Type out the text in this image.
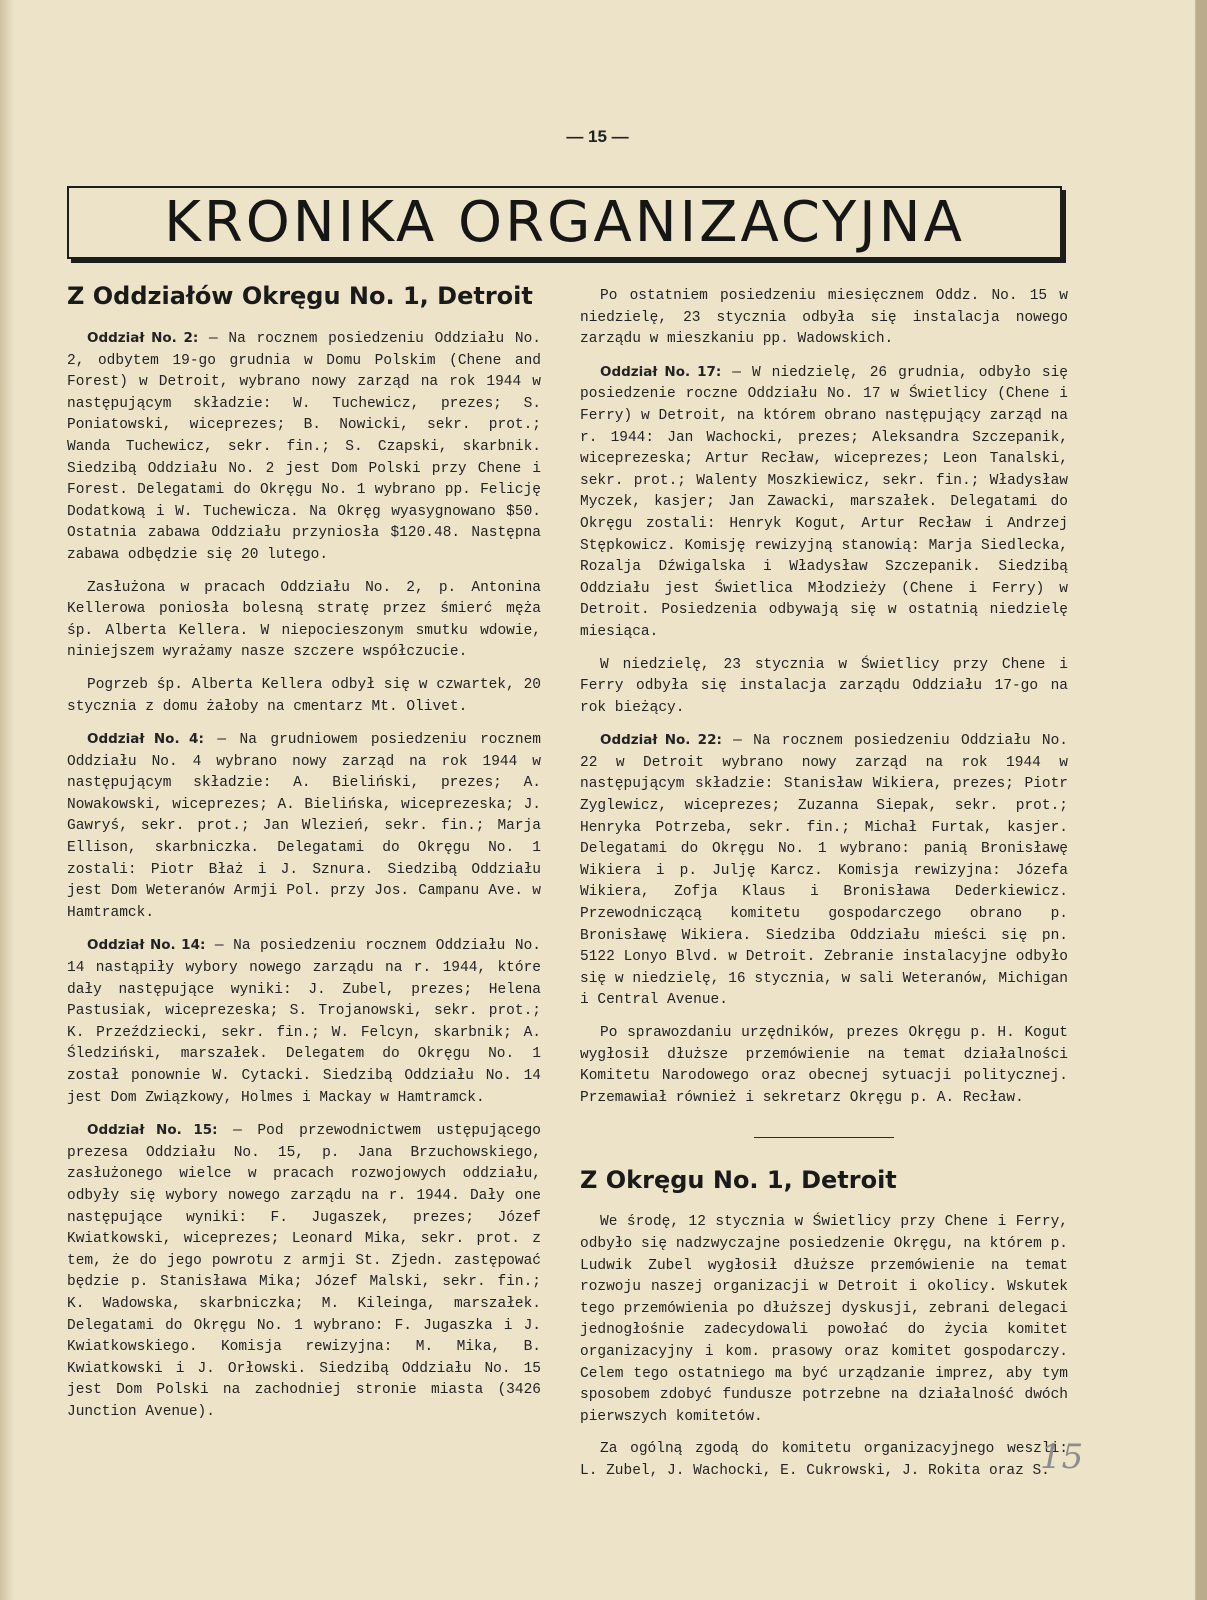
— 15 —
KRONIKA ORGANIZACYJNA
Z Oddziałów Okręgu No. 1, Detroit

Oddział No. 2: — Na rocznem posiedzeniu Oddziału No. 2, odbytem 19-go grudnia w Domu Polskim (Chene and Forest) w Detroit, wybrano nowy zarząd na rok 1944 w następującym składzie: W. Tuchewicz, prezes; S. Poniatowski, wiceprezes; B. Nowicki, sekr. prot.; Wanda Tuchewicz, sekr. fin.; S. Czapski, skarbnik. Siedzibą Oddziału No. 2 jest Dom Polski przy Chene i Forest. Delegatami do Okręgu No. 1 wybrano pp. Felicję Dodatkową i W. Tuchewicza. Na Okręg wyasygnowano $50. Ostatnia zabawa Oddziału przyniosła $120.48. Następna zabawa odbędzie się 20 lutego.

Zasłużona w pracach Oddziału No. 2, p. Antonina Kellerowa poniosła bolesną stratę przez śmierć męża śp. Alberta Kellera. W niepocieszonym smutku wdowie, niniejszem wyrażamy nasze szczere współczucie.

Pogrzeb śp. Alberta Kellera odbył się w czwartek, 20 stycznia z domu żałoby na cmentarz Mt. Olivet.

Oddział No. 4: — Na grudniowem posiedzeniu rocznem Oddziału No. 4 wybrano nowy zarząd na rok 1944 w następującym składzie: A. Bieliński, prezes; A. Nowakowski, wiceprezes; A. Bielińska, wiceprezeska; J. Gawryś, sekr. prot.; Jan Wlezień, sekr. fin.; Marja Ellison, skarbniczka. Delegatami do Okręgu No. 1 zostali: Piotr Błaż i J. Sznura. Siedzibą Oddziału jest Dom Weteranów Armji Pol. przy Jos. Campanu Ave. w Hamtramck.

Oddział No. 14: — Na posiedzeniu rocznem Oddziału No. 14 nastąpiły wybory nowego zarządu na r. 1944, które dały następujące wyniki: J. Zubel, prezes; Helena Pastusiak, wiceprezeska; S. Trojanowski, sekr. prot.; K. Przeździecki, sekr. fin.; W. Felcyn, skarbnik; A. Śledziński, marszałek. Delegatem do Okręgu No. 1 został ponownie W. Cytacki. Siedzibą Oddziału No. 14 jest Dom Związkowy, Holmes i Mackay w Hamtramck.

Oddział No. 15: — Pod przewodnictwem ustępującego prezesa Oddziału No. 15, p. Jana Brzuchowskiego, zasłużonego wielce w pracach rozwojowych oddziału, odbyły się wybory nowego zarządu na r. 1944. Dały one następujące wyniki: F. Jugaszek, prezes; Józef Kwiatkowski, wiceprezes; Leonard Mika, sekr. prot. z tem, że do jego powrotu z armji St. Zjedn. zastępować będzie p. Stanisława Mika; Józef Malski, sekr. fin.; K. Wadowska, skarbniczka; M. Kileinga, marszałek. Delegatami do Okręgu No. 1 wybrano: F. Jugaszka i J. Kwiatkowskiego. Komisja rewizyjna: M. Mika, B. Kwiatkowski i J. Orłowski. Siedzibą Oddziału No. 15 jest Dom Polski na zachodniej stronie miasta (3426 Junction Avenue).

Po ostatniem posiedzeniu miesięcznem Oddz. No. 15 w niedzielę, 23 stycznia odbyła się instalacja nowego zarządu w mieszkaniu pp. Wadowskich.

Oddział No. 17: — W niedzielę, 26 grudnia, odbyło się posiedzenie roczne Oddziału No. 17 w Świetlicy (Chene i Ferry) w Detroit, na którem obrano następujący zarząd na r. 1944: Jan Wachocki, prezes; Aleksandra Szczepanik, wiceprezeska; Artur Recław, wiceprezes; Leon Tanalski, sekr. prot.; Walenty Moszkiewicz, sekr. fin.; Władysław Myczek, kasjer; Jan Zawacki, marszałek. Delegatami do Okręgu zostali: Henryk Kogut, Artur Recław i Andrzej Stępkowicz. Komisję rewizyjną stanowią: Marja Siedlecka, Rozalja Dźwigalska i Władysław Szczepanik. Siedzibą Oddziału jest Świetlica Młodzieży (Chene i Ferry) w Detroit. Posiedzenia odbywają się w ostatnią niedzielę miesiąca.

W niedzielę, 23 stycznia w Świetlicy przy Chene i Ferry odbyła się instalacja zarządu Oddziału 17-go na rok bieżący.

Oddział No. 22: — Na rocznem posiedzeniu Oddziału No. 22 w Detroit wybrano nowy zarząd na rok 1944 w następującym składzie: Stanisław Wikiera, prezes; Piotr Zyglewicz, wiceprezes; Zuzanna Siepak, sekr. prot.; Henryka Potrzeba, sekr. fin.; Michał Furtak, kasjer. Delegatami do Okręgu No. 1 wybrano: panią Bronisławę Wikiera i p. Julję Karcz. Komisja rewizyjna: Józefa Wikiera, Zofja Klaus i Bronisława Dederkiewicz. Przewodniczącą komitetu gospodarczego obrano p. Bronisławę Wikiera. Siedziba Oddziału mieści się pn. 5122 Lonyo Blvd. w Detroit. Zebranie instalacyjne odbyło się w niedzielę, 16 stycznia, w sali Weteranów, Michigan i Central Avenue.

Po sprawozdaniu urzędników, prezes Okręgu p. H. Kogut wygłosił dłuższe przemówienie na temat działalności Komitetu Narodowego oraz obecnej sytuacji politycznej. Przemawiał również i sekretarz Okręgu p. A. Recław.

Z Okręgu No. 1, Detroit

We środę, 12 stycznia w Świetlicy przy Chene i Ferry, odbyło się nadzwyczajne posiedzenie Okręgu, na którem p. Ludwik Zubel wygłosił dłuższe przemówienie na temat rozwoju naszej organizacji w Detroit i okolicy. Wskutek tego przemówienia po dłuższej dyskusji, zebrani delegaci jednogłośnie zadecydowali powołać do życia komitet organizacyjny i kom. prasowy oraz komitet gospodarczy. Celem tego ostatniego ma być urządzanie imprez, aby tym sposobem zdobyć fundusze potrzebne na działalność dwóch pierwszych komitetów.

Za ogólną zgodą do komitetu organizacyjnego weszli: L. Zubel, J. Wachocki, E. Cukrowski, J. Rokita oraz S.

15
